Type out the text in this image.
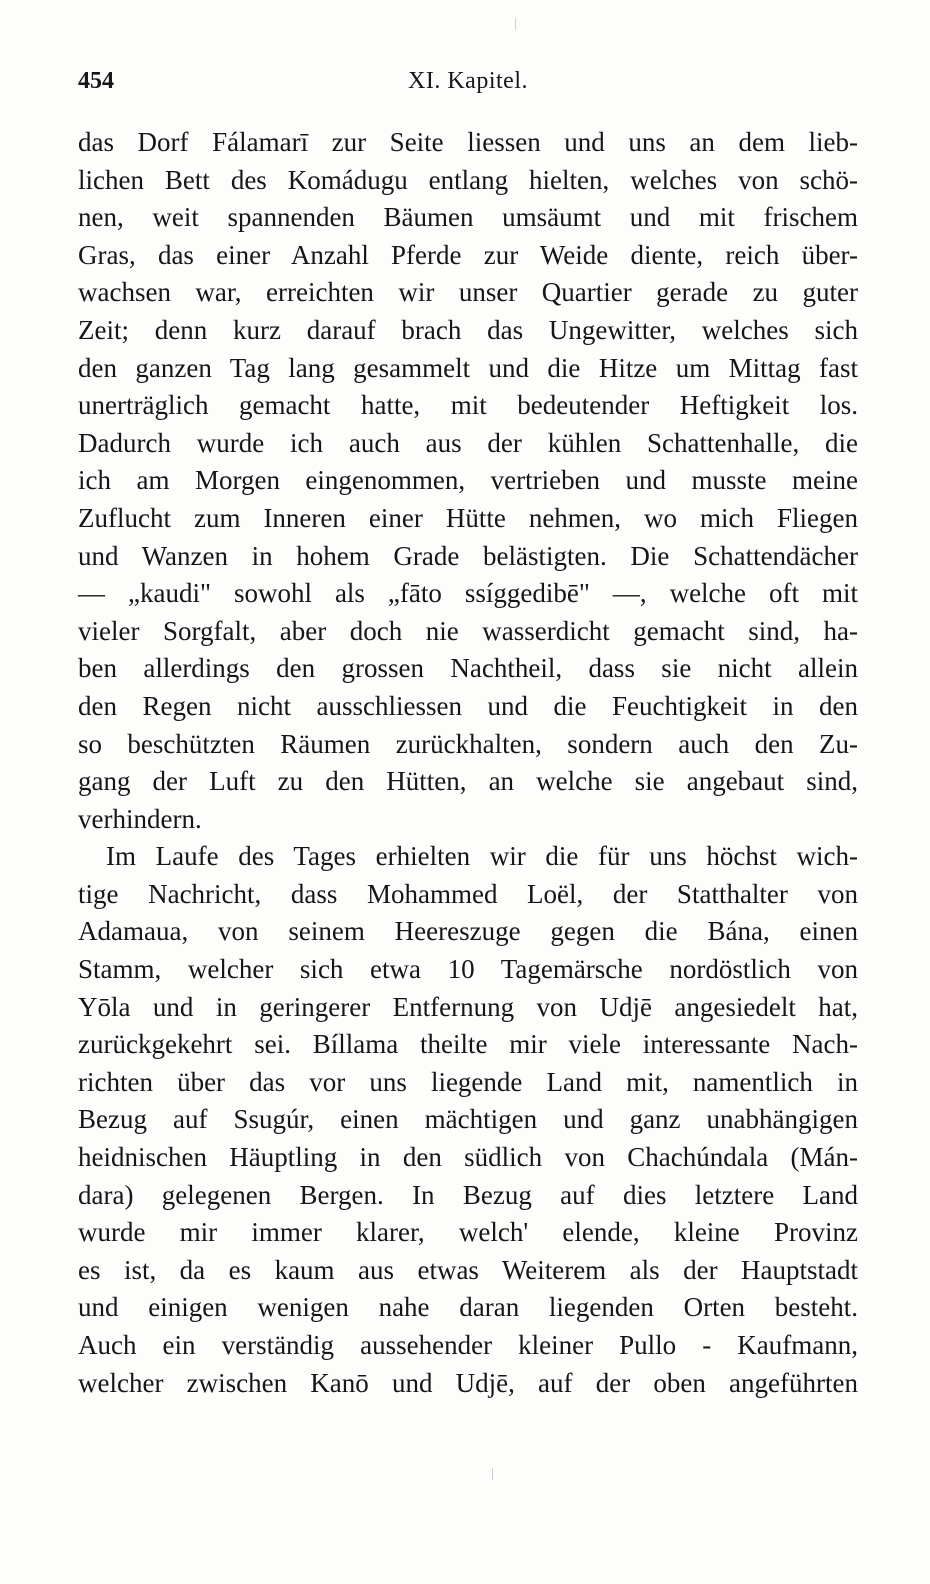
454	XI. Kapitel.
das Dorf Fálamarī zur Seite liessen und uns an dem lieb-
lichen Bett des Komádugu entlang hielten, welches von schö-
nen, weit spannenden Bäumen umsäumt und mit frischem
Gras, das einer Anzahl Pferde zur Weide diente, reich über-
wachsen war, erreichten wir unser Quartier gerade zu guter
Zeit; denn kurz darauf brach das Ungewitter, welches sich
den ganzen Tag lang gesammelt und die Hitze um Mittag fast
unerträglich gemacht hatte, mit bedeutender Heftigkeit los.
Dadurch wurde ich auch aus der kühlen Schattenhalle, die
ich am Morgen eingenommen, vertrieben und musste meine
Zuflucht zum Inneren einer Hütte nehmen, wo mich Fliegen
und Wanzen in hohem Grade belästigten. Die Schattendächer
— „kaudi" sowohl als „fāto ssíggedibē" —, welche oft mit
vieler Sorgfalt, aber doch nie wasserdicht gemacht sind, ha-
ben allerdings den grossen Nachtheil, dass sie nicht allein
den Regen nicht ausschliessen und die Feuchtigkeit in den
so beschützten Räumen zurückhalten, sondern auch den Zu-
gang der Luft zu den Hütten, an welche sie angebaut sind,
verhindern.
Im Laufe des Tages erhielten wir die für uns höchst wich-
tige Nachricht, dass Mohammed Loël, der Statthalter von
Adamaua, von seinem Heereszuge gegen die Bána, einen
Stamm, welcher sich etwa 10 Tagemärsche nordöstlich von
Yōla und in geringerer Entfernung von Udjē angesiedelt hat,
zurückgekehrt sei. Bíllama theilte mir viele interessante Nach-
richten über das vor uns liegende Land mit, namentlich in
Bezug auf Ssugúr, einen mächtigen und ganz unabhängigen
heidnischen Häuptling in den südlich von Chachúndala (Mán-
dara) gelegenen Bergen. In Bezug auf dies letztere Land
wurde mir immer klarer, welch' elende, kleine Provinz
es ist, da es kaum aus etwas Weiterem als der Hauptstadt
und einigen wenigen nahe daran liegenden Orten besteht.
Auch ein verständig aussehender kleiner Pullo - Kaufmann,
welcher zwischen Kanō und Udjē, auf der oben angeführten
